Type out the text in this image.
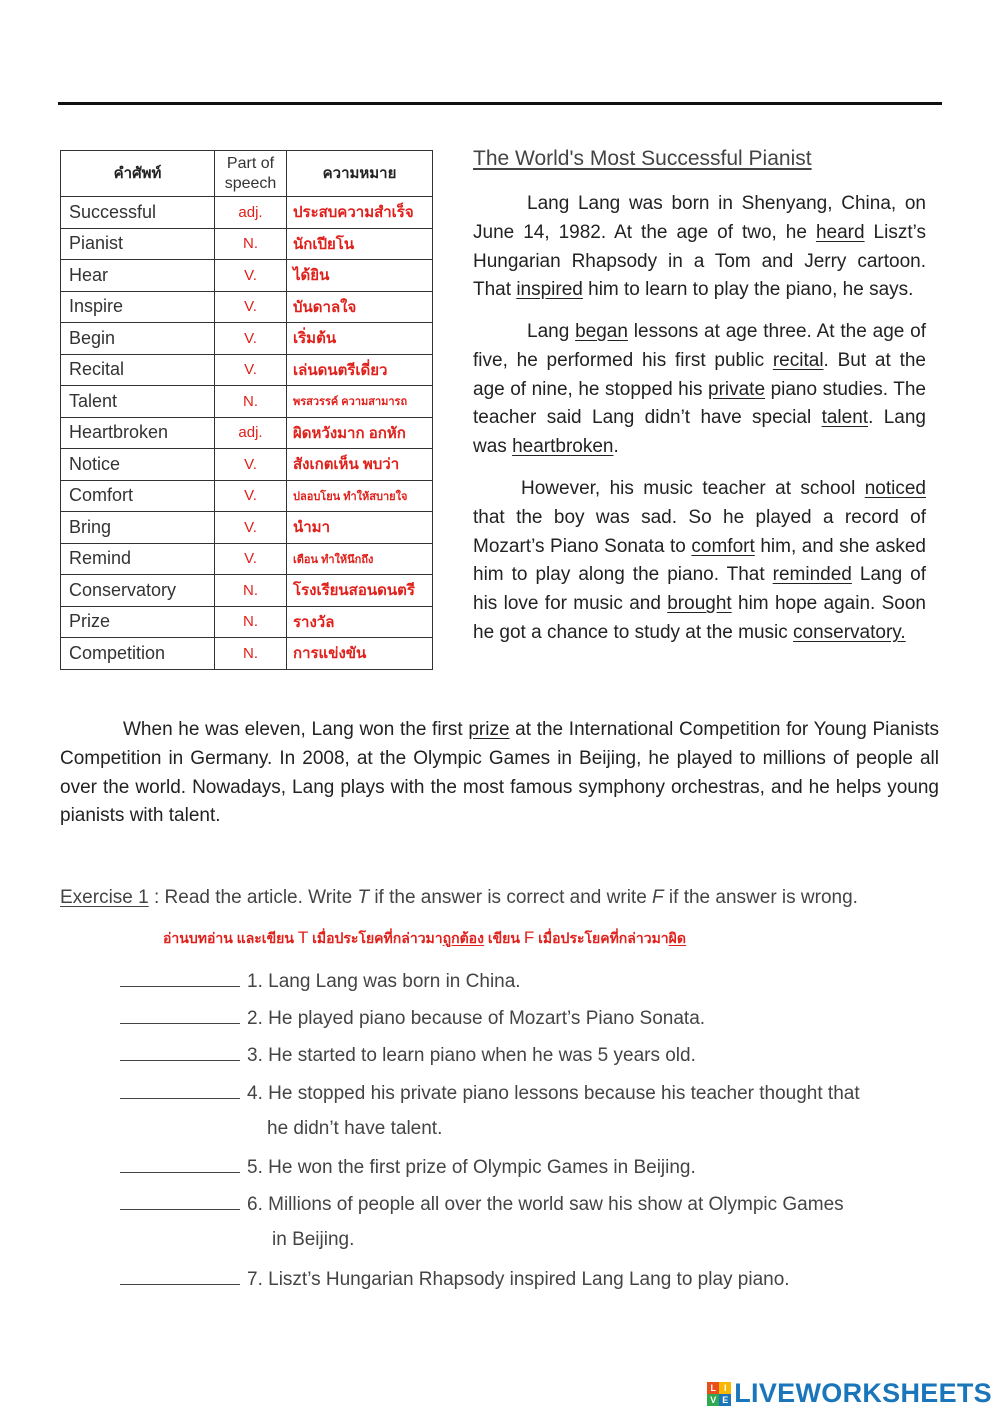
คำศัพท์	Part of speech	ความหมาย
Successful	adj.	ประสบความสำเร็จ
Pianist	N.	นักเปียโน
Hear	V.	ได้ยิน
Inspire	V.	บันดาลใจ
Begin	V.	เริ่มต้น
Recital	V.	เล่นดนตรีเดี่ยว
Talent	N.	พรสวรรค์ ความสามารถ
Heartbroken	adj.	ผิดหวังมาก อกหัก
Notice	V.	สังเกตเห็น พบว่า
Comfort	V.	ปลอบโยน ทำให้สบายใจ
Bring	V.	นำมา
Remind	V.	เตือน ทำให้นึกถึง
Conservatory	N.	โรงเรียนสอนดนตรี
Prize	N.	รางวัล
Competition	N.	การแข่งขัน
The World's Most Successful Pianist

Lang Lang was born in Shenyang, China, on June 14, 1982. At the age of two, he heard Liszt’s Hungarian Rhapsody in a Tom and Jerry cartoon. That inspired him to learn to play the piano, he says.

Lang began lessons at age three. At the age of five, he performed his first public recital. But at the age of nine, he stopped his private piano studies. The teacher said Lang didn’t have special talent. Lang was heartbroken.

However, his music teacher at school noticed that the boy was sad. So he played a record of Mozart’s Piano Sonata to comfort him, and she asked him to play along the piano. That reminded Lang of his love for music and brought him hope again. Soon he got a chance to study at the music conservatory.

When he was eleven, Lang won the first prize at the International Competition for Young Pianists Competition in Germany. In 2008, at the Olympic Games in Beijing, he played to millions of people all over the world. Nowadays, Lang plays with the most famous symphony orchestras, and he helps young pianists with talent.

Exercise 1 : Read the article. Write T if the answer is correct and write F if the answer is wrong.
อ่านบทอ่าน และเขียน T เมื่อประโยคที่กล่าวมาถูกต้อง เขียน F เมื่อประโยคที่กล่าวมาผิด
1. Lang Lang was born in China.
2. He played piano because of Mozart’s Piano Sonata.
3. He started to learn piano when he was 5 years old.
4. He stopped his private piano lessons because his teacher thought that
he didn’t have talent.
5. He won the first prize of Olympic Games in Beijing.
6. Millions of people all over the world saw his show at Olympic Games
in Beijing.
7. Liszt’s Hungarian Rhapsody inspired Lang Lang to play piano.
L I
V E LIVEWORKSHEETS
